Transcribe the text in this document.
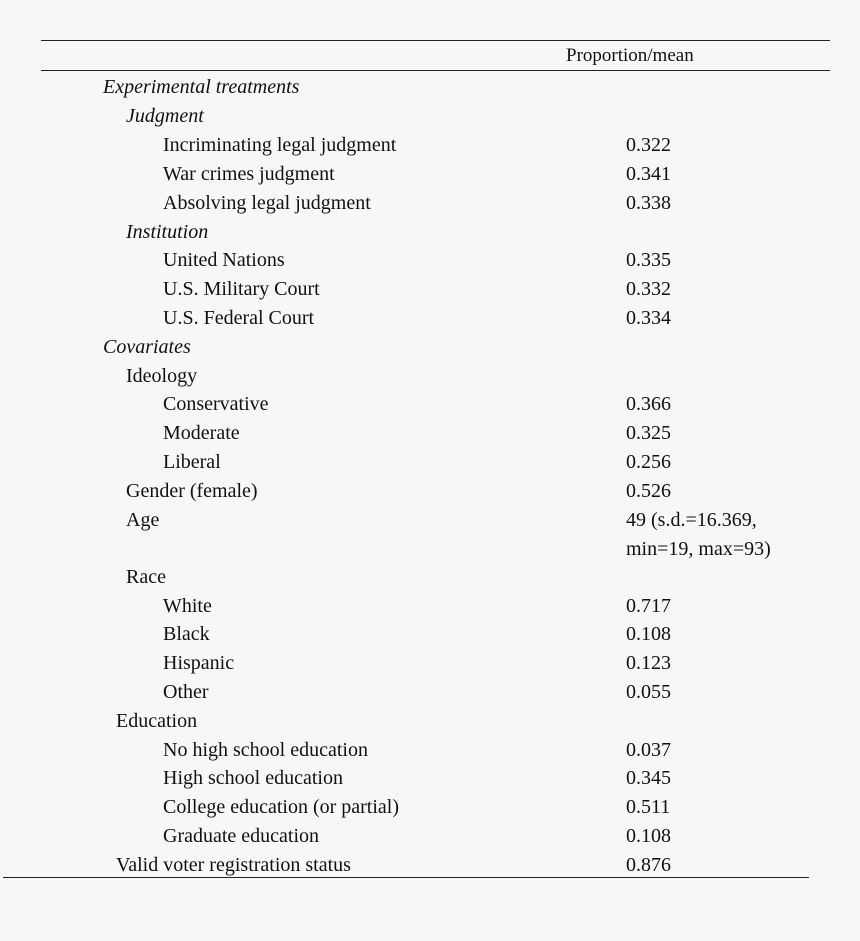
Proportion/mean
Experimental treatments
Judgment
Incriminating legal judgment	0.322
War crimes judgment	0.341
Absolving legal judgment	0.338
Institution
United Nations	0.335
U.S. Military Court	0.332
U.S. Federal Court	0.334
Covariates
Ideology
Conservative	0.366
Moderate	0.325
Liberal	0.256
Gender (female)	0.526
Age	49 (s.d.=16.369,
min=19, max=93)
Race
White	0.717
Black	0.108
Hispanic	0.123
Other	0.055
Education
No high school education	0.037
High school education	0.345
College education (or partial)	0.511
Graduate education	0.108
Valid voter registration status	0.876
